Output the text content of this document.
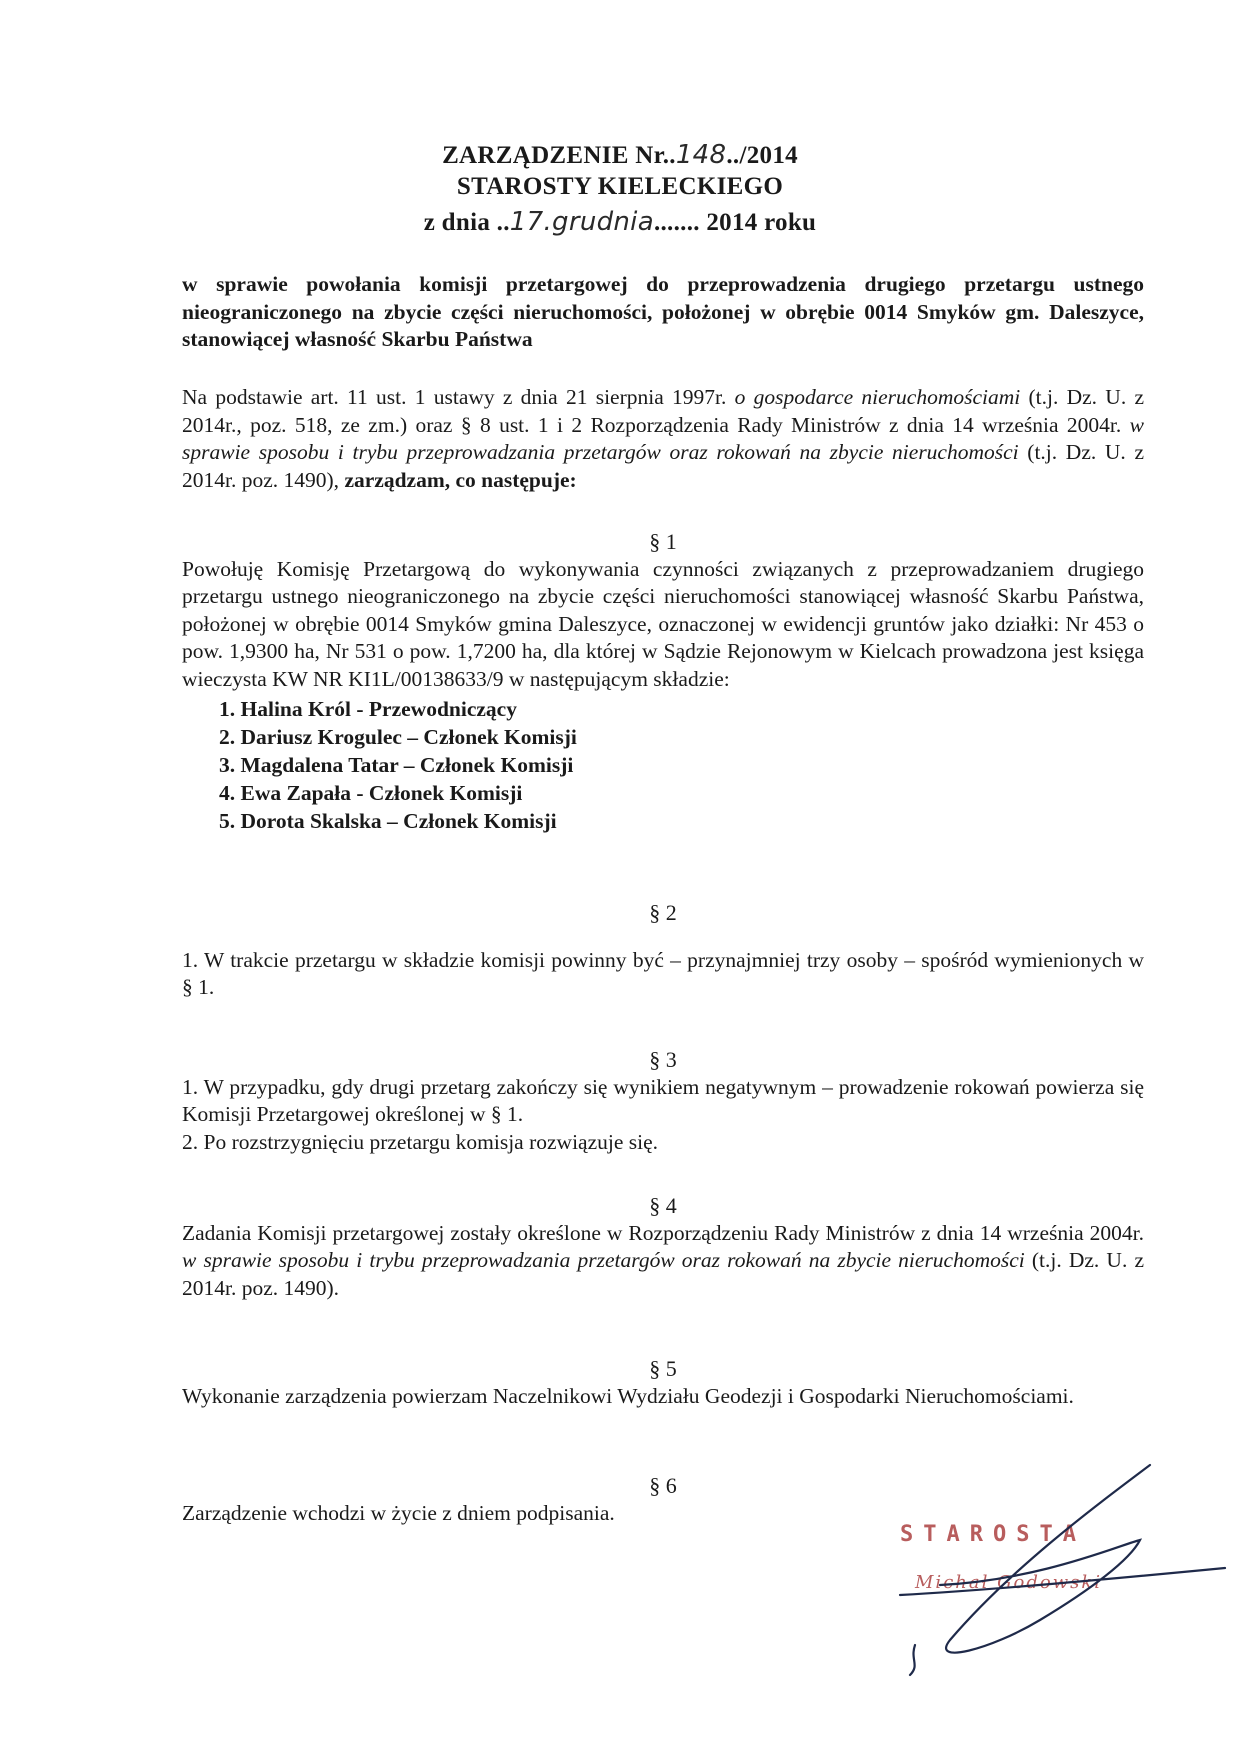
ZARZĄDZENIE Nr..148../2014
STAROSTY KIELECKIEGO
z dnia ..17.grudnia....... 2014 roku
w sprawie powołania komisji przetargowej do przeprowadzenia drugiego przetargu ustnego nieograniczonego na zbycie części nieruchomości, położonej w obrębie 0014 Smyków gm. Daleszyce, stanowiącej własność Skarbu Państwa

Na podstawie art. 11 ust. 1 ustawy z dnia 21 sierpnia 1997r. o gospodarce nieruchomościami (t.j. Dz. U. z 2014r., poz. 518, ze zm.) oraz § 8 ust. 1 i 2 Rozporządzenia Rady Ministrów z dnia 14 września 2004r. w sprawie sposobu i trybu przeprowadzania przetargów oraz rokowań na zbycie nieruchomości (t.j. Dz. U. z 2014r. poz. 1490), zarządzam, co następuje:

§ 1

Powołuję Komisję Przetargową do wykonywania czynności związanych z przeprowadzaniem drugiego przetargu ustnego nieograniczonego na zbycie części nieruchomości stanowiącej własność Skarbu Państwa, położonej w obrębie 0014 Smyków gmina Daleszyce, oznaczonej w ewidencji gruntów jako działki: Nr 453 o pow. 1,9300 ha, Nr 531 o pow. 1,7200 ha, dla której w Sądzie Rejonowym w Kielcach prowadzona jest księga wieczysta KW NR KI1L/00138633/9 w następującym składzie:

1. Halina Król - Przewodniczący
2. Dariusz Krogulec – Członek Komisji
3. Magdalena Tatar – Członek Komisji
4. Ewa Zapała - Członek Komisji
5. Dorota Skalska – Członek Komisji

§ 2

1. W trakcie przetargu w składzie komisji powinny być – przynajmniej trzy osoby – spośród wymienionych w § 1.

§ 3

1. W przypadku, gdy drugi przetarg zakończy się wynikiem negatywnym – prowadzenie rokowań powierza się Komisji Przetargowej określonej w § 1.

2. Po rozstrzygnięciu przetargu komisja rozwiązuje się.

§ 4

Zadania Komisji przetargowej zostały określone w Rozporządzeniu Rady Ministrów z dnia 14 września 2004r. w sprawie sposobu i trybu przeprowadzania przetargów oraz rokowań na zbycie nieruchomości (t.j. Dz. U. z 2014r. poz. 1490).

§ 5

Wykonanie zarządzenia powierzam Naczelnikowi Wydziału Geodezji i Gospodarki Nieruchomościami.

§ 6

Zarządzenie wchodzi w życie z dniem podpisania.

STAROSTA
Michał Godowski
